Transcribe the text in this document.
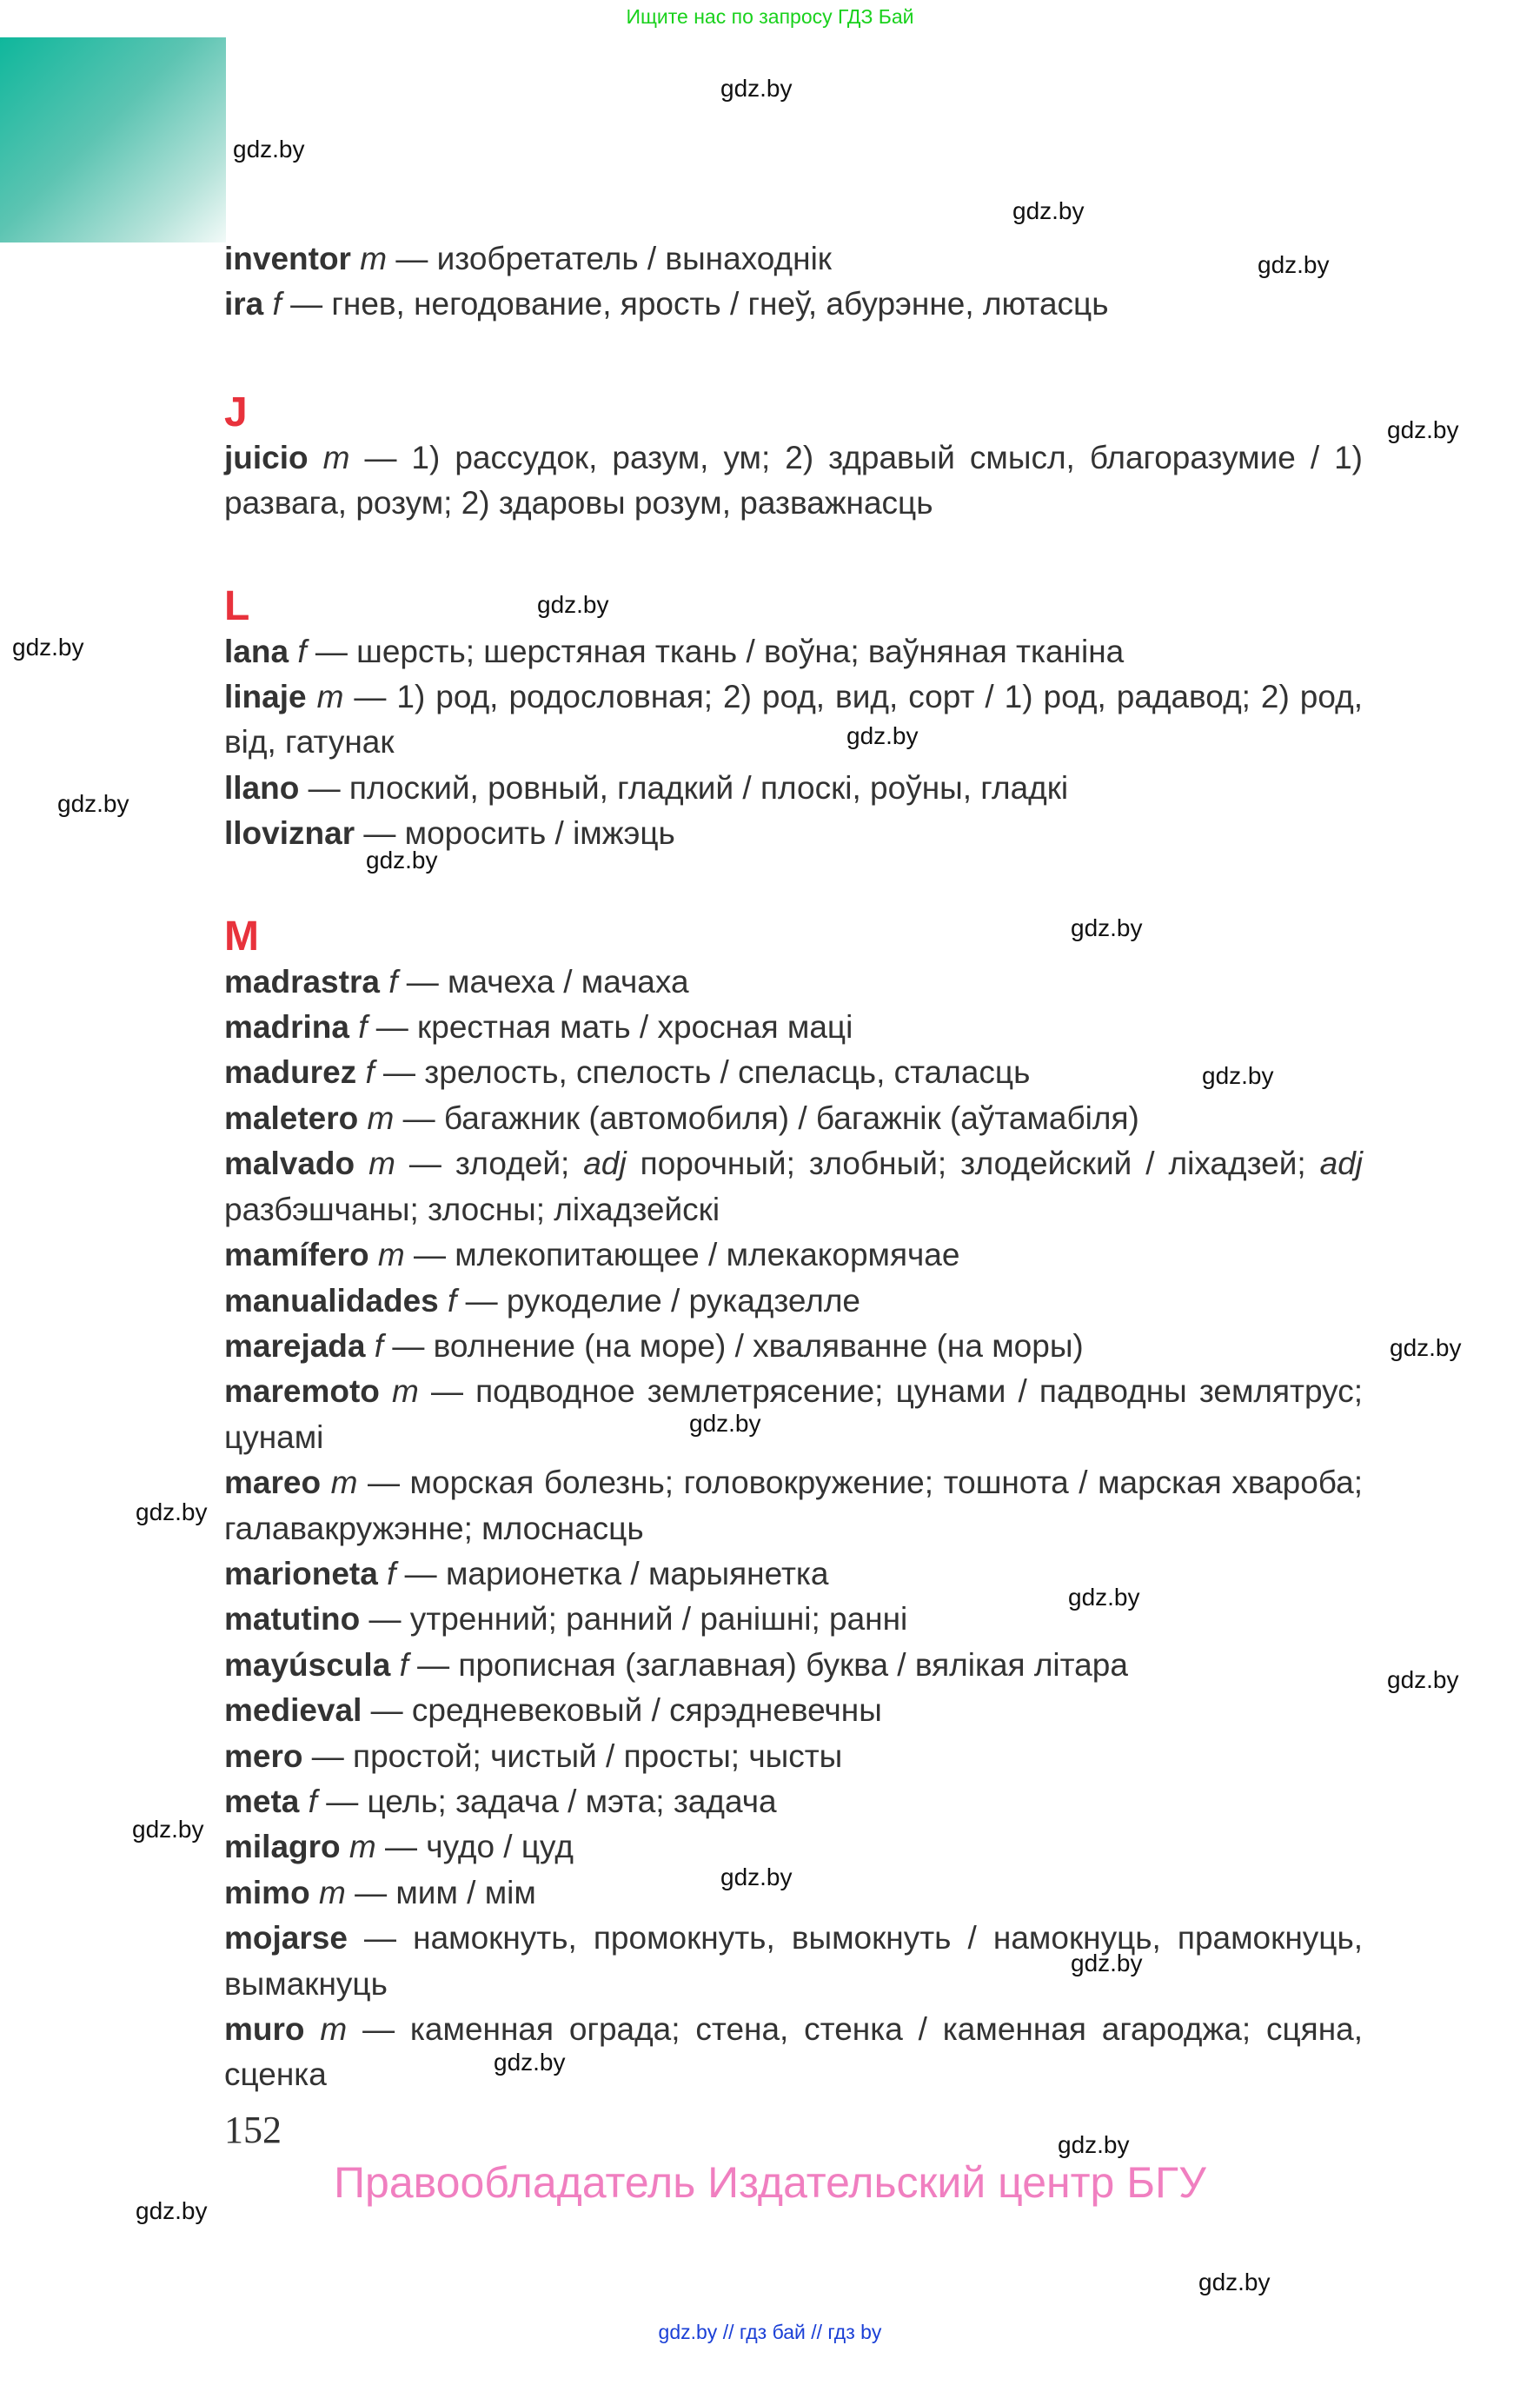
Ищите нас по запросу ГДЗ Бай
inventor m — изобретатель / вынаходнік
ira f — гнев, негодование, ярость / гнеў, абурэнне, лютасць
J
juicio m — 1) рассудок, разум, ум; 2) здравый смысл, благоразумие / 1) развага, розум; 2) здаровы розум, разважнасць
L
lana f — шерсть; шерстяная ткань / воўна; ваўняная тканіна
linaje m — 1) род, родословная; 2) род, вид, сорт / 1) род, радавод; 2) род, від, гатунак
llano — плоский, ровный, гладкий / плоскі, роўны, гладкі
lloviznar — моросить / імжэць
M
madrastra f — мачеха / мачаха
madrina f — крестная мать / хросная маці
madurez f — зрелость, спелость / спеласць, сталасць
maletero m — багажник (автомобиля) / багажнік (аўтамабіля)
malvado m — злодей; adj порочный; злобный; злодейский / ліхадзей; adj разбэшчаны; злосны; ліхадзейскі
mamífero m — млекопитающее / млекакормячае
manualidades f — рукоделие / рукадзелле
marejada f — волнение (на море) / хваляванне (на моры)
maremoto m — подводное землетрясение; цунами / падводны землятрус; цунамі
mareo m — морская болезнь; головокружение; тошнота / марская хвароба; галавакружэнне; млоснасць
marioneta f — марионетка / марыянетка
matutino — утренний; ранний / ранішні; ранні
mayúscula f — прописная (заглавная) буква / вялікая літара
medieval — средневековый / сярэдневечны
mero — простой; чистый / просты; чысты
meta f — цель; задача / мэта; задача
milagro m — чудо / цуд
mimo m — мим / мім
mojarse — намокнуть, промокнуть, вымокнуть / намокнуць, прамокнуць, вымакнуць
muro m — каменная ограда; стена, стенка / каменная агароджа; сцяна, сценка
152
Правообладатель Издательский центр БГУ
gdz.by
gdz.by
gdz.by
gdz.by
gdz.by
gdz.by
gdz.by
gdz.by
gdz.by
gdz.by
gdz.by
gdz.by
gdz.by
gdz.by
gdz.by
gdz.by
gdz.by
gdz.by
gdz.by
gdz.by
gdz.by
gdz.by
gdz.by
gdz.by
gdz.by // гдз бай // гдз by
